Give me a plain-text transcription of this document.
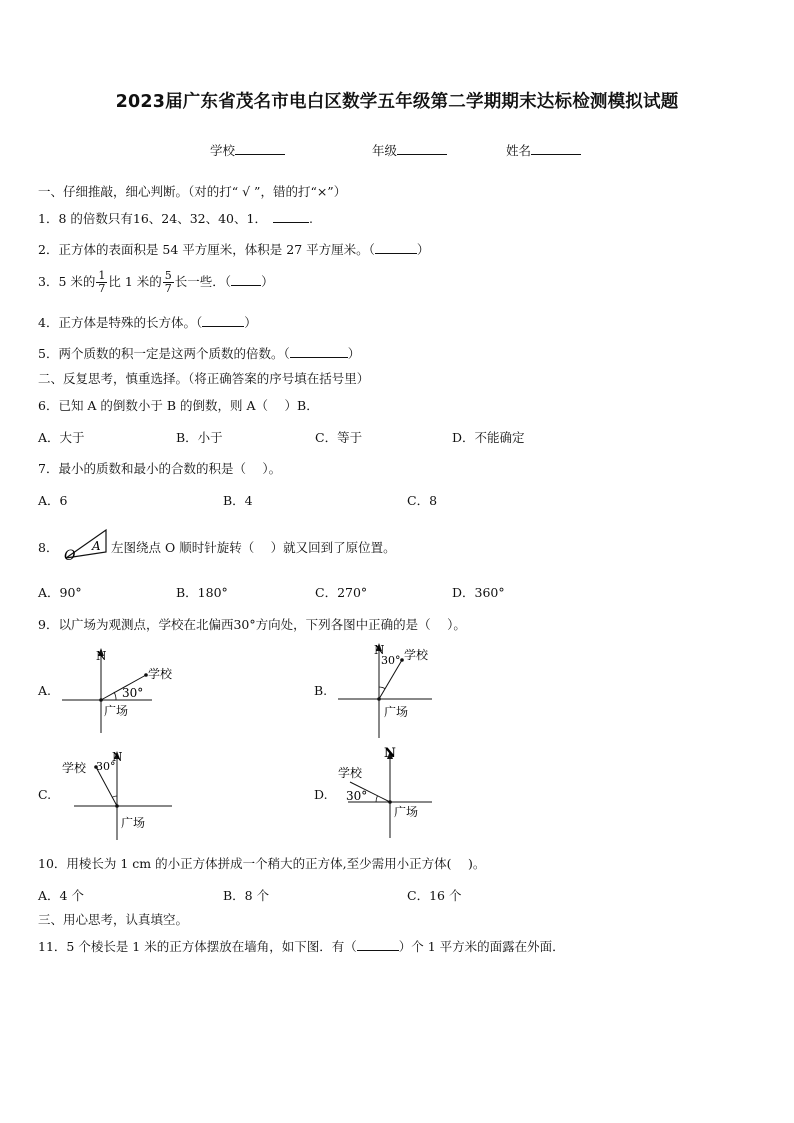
2023届广东省茂名市电白区数学五年级第二学期期末达标检测模拟试题
学校	年级	姓名
一、仔细推敲，细心判断。（对的打“ √ ”，错的打“×”）
1．8 的倍数只有16、24、32、40、1．	.
2．正方体的表面积是 54 平方厘米，体积是 27 平方厘米。（	）
3．5 米的 $\frac{1}{7}$ 比 1 米的 $\frac{5}{7}$ 长一些．（ ）
4．正方体是特殊的长方体。（	）
5．两个质数的积一定是这两个质数的倍数。（	）
二、反复思考，慎重选择。（将正确答案的序号填在括号里）
6．已知 A 的倒数小于 B 的倒数，则 A（　 ）B．
A．大于	B．小于	C．等于	D．不能确定
7．最小的质数和最小的合数的积是（　 ）。
A．6	B．4	C．8
8．
O
A 左图绕点 O 顺时针旋转（　 ）就又回到了原位置。
A．90°	B．180°	C．270°	D．360°
9．以广场为观测点，学校在北偏西30°方向处，下列各图中正确的是（　 ）。
A.
N
学校
30°
广场
B.
N
30° 学校
广场
C.
N
学校 30°
广场
D.
N
学校
30°
广场
10．用棱长为 1 cm 的小正方体拼成一个稍大的正方体,至少需用小正方体(　 )。
A．4 个	B．8 个	C．16 个
三、用心思考，认真填空。
11．5 个棱长是 1 米的正方体摆放在墙角，如下图．有（	）个 1 平方米的面露在外面．
